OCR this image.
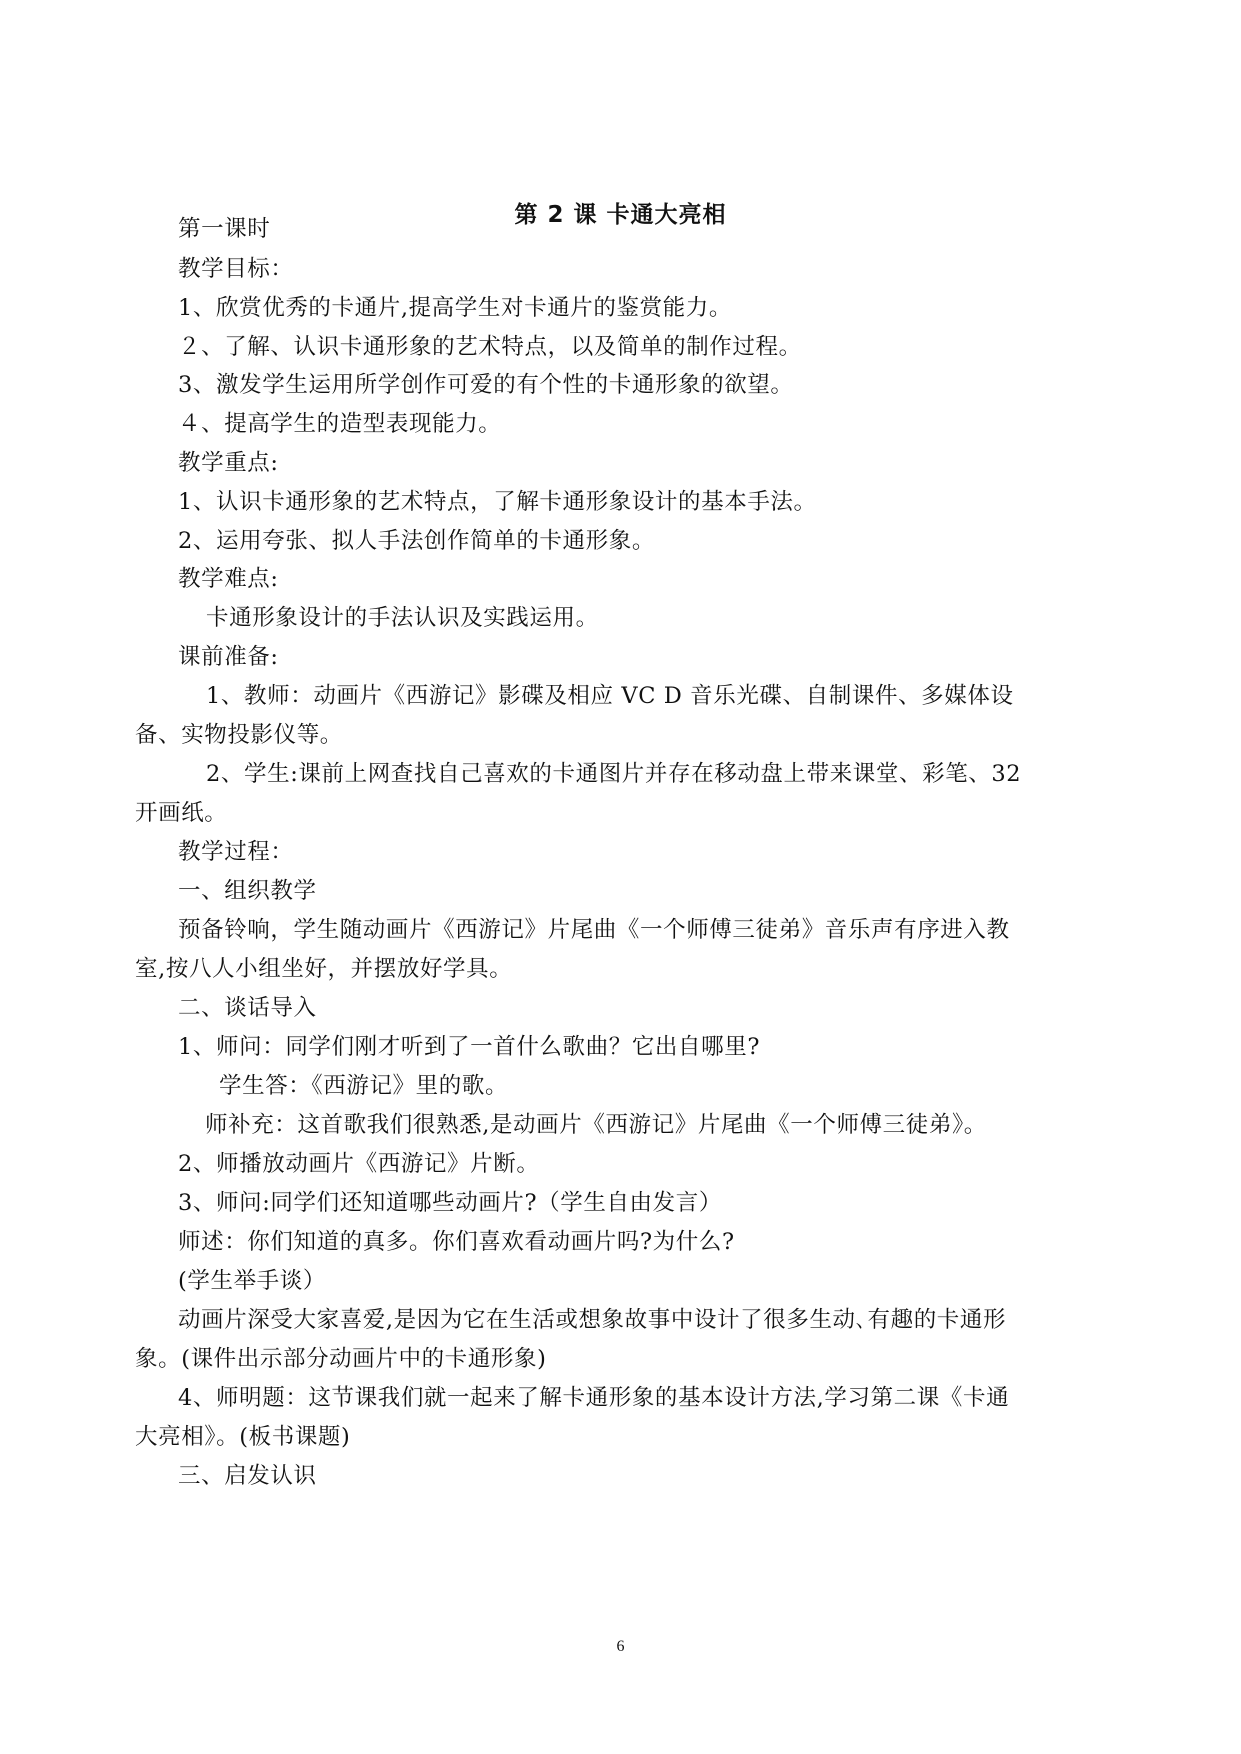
第 2 课 卡通大亮相
第一课时
教学目标：
1、欣赏优秀的卡通片,提高学生对卡通片的鉴赏能力。
２、了解、认识卡通形象的艺术特点，以及简单的制作过程。
3、激发学生运用所学创作可爱的有个性的卡通形象的欲望。
４、提高学生的造型表现能力。
教学重点:
1、认识卡通形象的艺术特点，了解卡通形象设计的基本手法。
2、运用夸张、拟人手法创作简单的卡通形象。
教学难点:
卡通形象设计的手法认识及实践运用。
课前准备:
1、教师：动画片《西游记》影碟及相应 VC D 音乐光碟、自制课件、多媒体设
备、实物投影仪等。
2、学生:课前上网查找自己喜欢的卡通图片并存在移动盘上带来课堂、彩笔、32
开画纸。
教学过程：
一、组织教学
预备铃响，学生随动画片《西游记》片尾曲《一个师傅三徒弟》音乐声有序进入教
室,按八人小组坐好，并摆放好学具。
二、谈话导入
1、师问：同学们刚才听到了一首什么歌曲？它出自哪里?
学生答：《西游记》里的歌。
师补充：这首歌我们很熟悉,是动画片《西游记》片尾曲《一个师傅三徒弟》。
2、师播放动画片《西游记》片断。
3、师问:同学们还知道哪些动画片?（学生自由发言）
师述：你们知道的真多。你们喜欢看动画片吗?为什么?
(学生举手谈）
动画片深受大家喜爱,是因为它在生活或想象故事中设计了很多生动､有趣的卡通形
象。(课件出示部分动画片中的卡通形象)
4、师明题：这节课我们就一起来了解卡通形象的基本设计方法,学习第二课《卡通
大亮相》。(板书课题)
三、启发认识
6
